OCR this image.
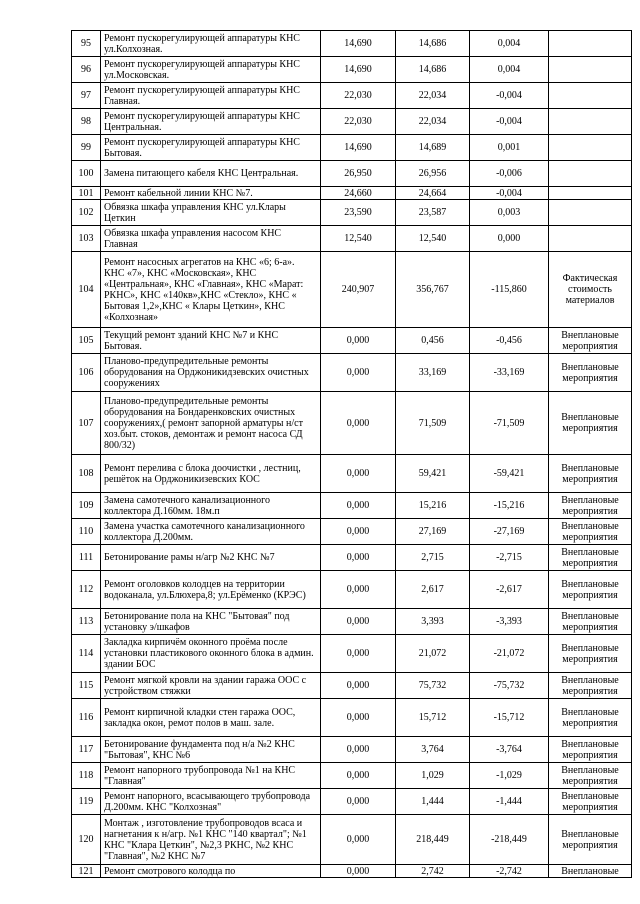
95	Ремонт пускорегулирующей аппаратуры КНС ул.Колхозная.	14,690	14,686	0,004	
96	Ремонт пускорегулирующей аппаратуры КНС ул.Московская.	14,690	14,686	0,004	
97	Ремонт пускорегулирующей аппаратуры КНС Главная.	22,030	22,034	-0,004	
98	Ремонт пускорегулирующей аппаратуры КНС Центральная.	22,030	22,034	-0,004	
99	Ремонт пускорегулирующей аппаратуры КНС Бытовая.	14,690	14,689	0,001	
100	Замена питающего кабеля КНС Центральная.	26,950	26,956	-0,006	
101	Ремонт кабельной линии КНС №7.	24,660	24,664	-0,004	
102	Обвязка шкафа управления КНС ул.Клары Цеткин	23,590	23,587	0,003	
103	Обвязка шкафа управления насосом КНС Главная	12,540	12,540	0,000	
104	Ремонт насосных агрегатов на КНС «6; 6-а». КНС «7», КНС «Московская», КНС «Центральная», КНС «Главная», КНС «Марат: РКНС», КНС «140кв»,КНС «Стекло», КНС « Бытовая 1,2»,КНС « Клары Цеткин», КНС «Колхозная»	240,907	356,767	-115,860	Фактическая стоимость материалов
105	Текущий ремонт зданий КНС №7 и КНС Бытовая.	0,000	0,456	-0,456	Внеплановые мероприятия
106	Планово-предупредительные ремонты оборудования на Орджоникидзевских очистных сооружениях	0,000	33,169	-33,169	Внеплановые мероприятия
107	Планово-предупредительные ремонты оборудования на Бондаренковских очистных сооружениях,( ремонт запорной арматуры н/ст хоз.быт. стоков, демонтаж и ремонт насоса СД 800/32)	0,000	71,509	-71,509	Внеплановые мероприятия
108	Ремонт перелива с блока доочистки , лестниц, решёток на Орджоникизевских КОС	0,000	59,421	-59,421	Внеплановые мероприятия
109	Замена самотечного канализационного коллектора Д.160мм. 18м.п	0,000	15,216	-15,216	Внеплановые мероприятия
110	Замена участка самотечного канализационного коллектора Д.200мм.	0,000	27,169	-27,169	Внеплановые мероприятия
111	Бетонирование рамы н/агр №2 КНС №7	0,000	2,715	-2,715	Внеплановые мероприятия
112	Ремонт оголовков колодцев на территории водоканала, ул.Блюхера,8; ул.Ерёменко (КРЭС)	0,000	2,617	-2,617	Внеплановые мероприятия
113	Бетонирование пола на КНС "Бытовая" под установку э/шкафов	0,000	3,393	-3,393	Внеплановые мероприятия
114	Закладка кирпичём оконного проёма после установки пластикового оконного блока в админ. здании БОС	0,000	21,072	-21,072	Внеплановые мероприятия
115	Ремонт мягкой кровли на здании гаража ООС с устройством стяжки	0,000	75,732	-75,732	Внеплановые мероприятия
116	Ремонт кирпичной кладки стен гаража ООС, закладка окон, ремот полов в маш. зале.	0,000	15,712	-15,712	Внеплановые мероприятия
117	Бетонирование фундамента под н/а №2 КНС "Бытовая", КНС №6	0,000	3,764	-3,764	Внеплановые мероприятия
118	Ремонт напорного трубопровода №1 на КНС "Главная"	0,000	1,029	-1,029	Внеплановые мероприятия
119	Ремонт напорного, всасывающего трубопровода Д.200мм. КНС "Колхозная"	0,000	1,444	-1,444	Внеплановые мероприятия
120	Монтаж , изготовление трубопроводов всаса и нагнетания к н/агр. №1 КНС "140 квартал"; №1 КНС "Клара Цеткин", №2,3 РКНС, №2 КНС "Главная", №2 КНС №7	0,000	218,449	-218,449	Внеплановые мероприятия
121	Ремонт смотрового колодца по	0,000	2,742	-2,742	Внеплановые
